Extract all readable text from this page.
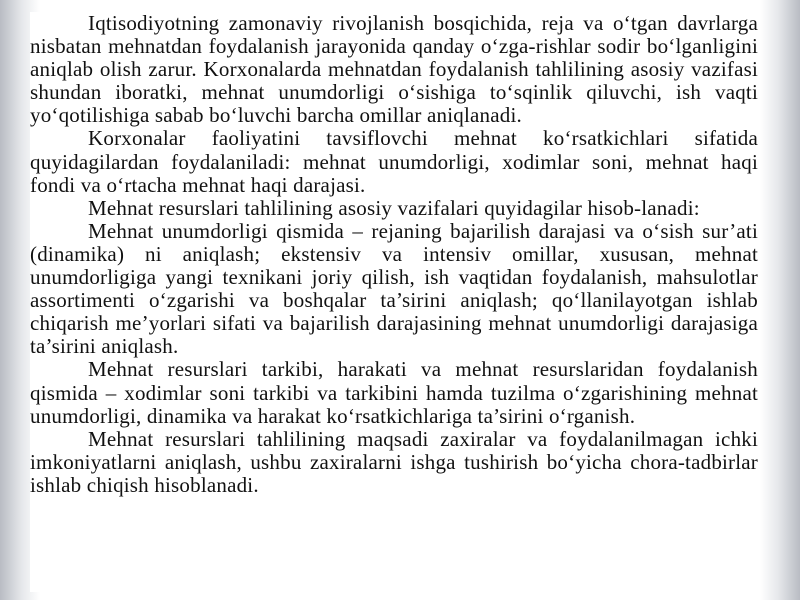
Iqtisodiyotning zamonaviy rivojlanish bosqichida, reja va o‘tgan davrlarga nisbatan mehnatdan foydalanish jarayonida qanday o‘zga-rishlar sodir bo‘lganligini aniqlab olish zarur. Korxonalarda mehnatdan foydalanish tahlilining asosiy vazifasi shundan iboratki, mehnat unumdorligi o‘sishiga to‘sqinlik qiluvchi, ish vaqti yo‘qotilishiga sabab bo‘luvchi barcha omillar aniqlanadi.

Korxonalar faoliyatini tavsiflovchi mehnat ko‘rsatkichlari sifatida quyidagilardan foydalaniladi: mehnat unumdorligi, xodimlar soni, mehnat haqi fondi va o‘rtacha mehnat haqi darajasi.

Mehnat resurslari tahlilining asosiy vazifalari quyidagilar hisob-lanadi:

Mehnat unumdorligi qismida – rejaning bajarilish darajasi va o‘sish sur’ati (dinamika) ni aniqlash; ekstensiv va intensiv omillar, xususan, mehnat unumdorligiga yangi texnikani joriy qilish, ish vaqtidan foydalanish, mahsulotlar assortimenti o‘zgarishi va boshqalar ta’sirini aniqlash; qo‘llanilayotgan ishlab chiqarish me’yorlari sifati va bajarilish darajasining mehnat unumdorligi darajasiga ta’sirini aniqlash.

Mehnat resurslari tarkibi, harakati va mehnat resurslaridan foydalanish qismida – xodimlar soni tarkibi va tarkibini hamda tuzilma o‘zgarishining mehnat unumdorligi, dinamika va harakat ko‘rsatkichlariga ta’sirini o‘rganish.

Mehnat resurslari tahlilining maqsadi zaxiralar va foydalanilmagan ichki imkoniyatlarni aniqlash, ushbu zaxiralarni ishga tushirish bo‘yicha chora-tadbirlar ishlab chiqish hisoblanadi.
